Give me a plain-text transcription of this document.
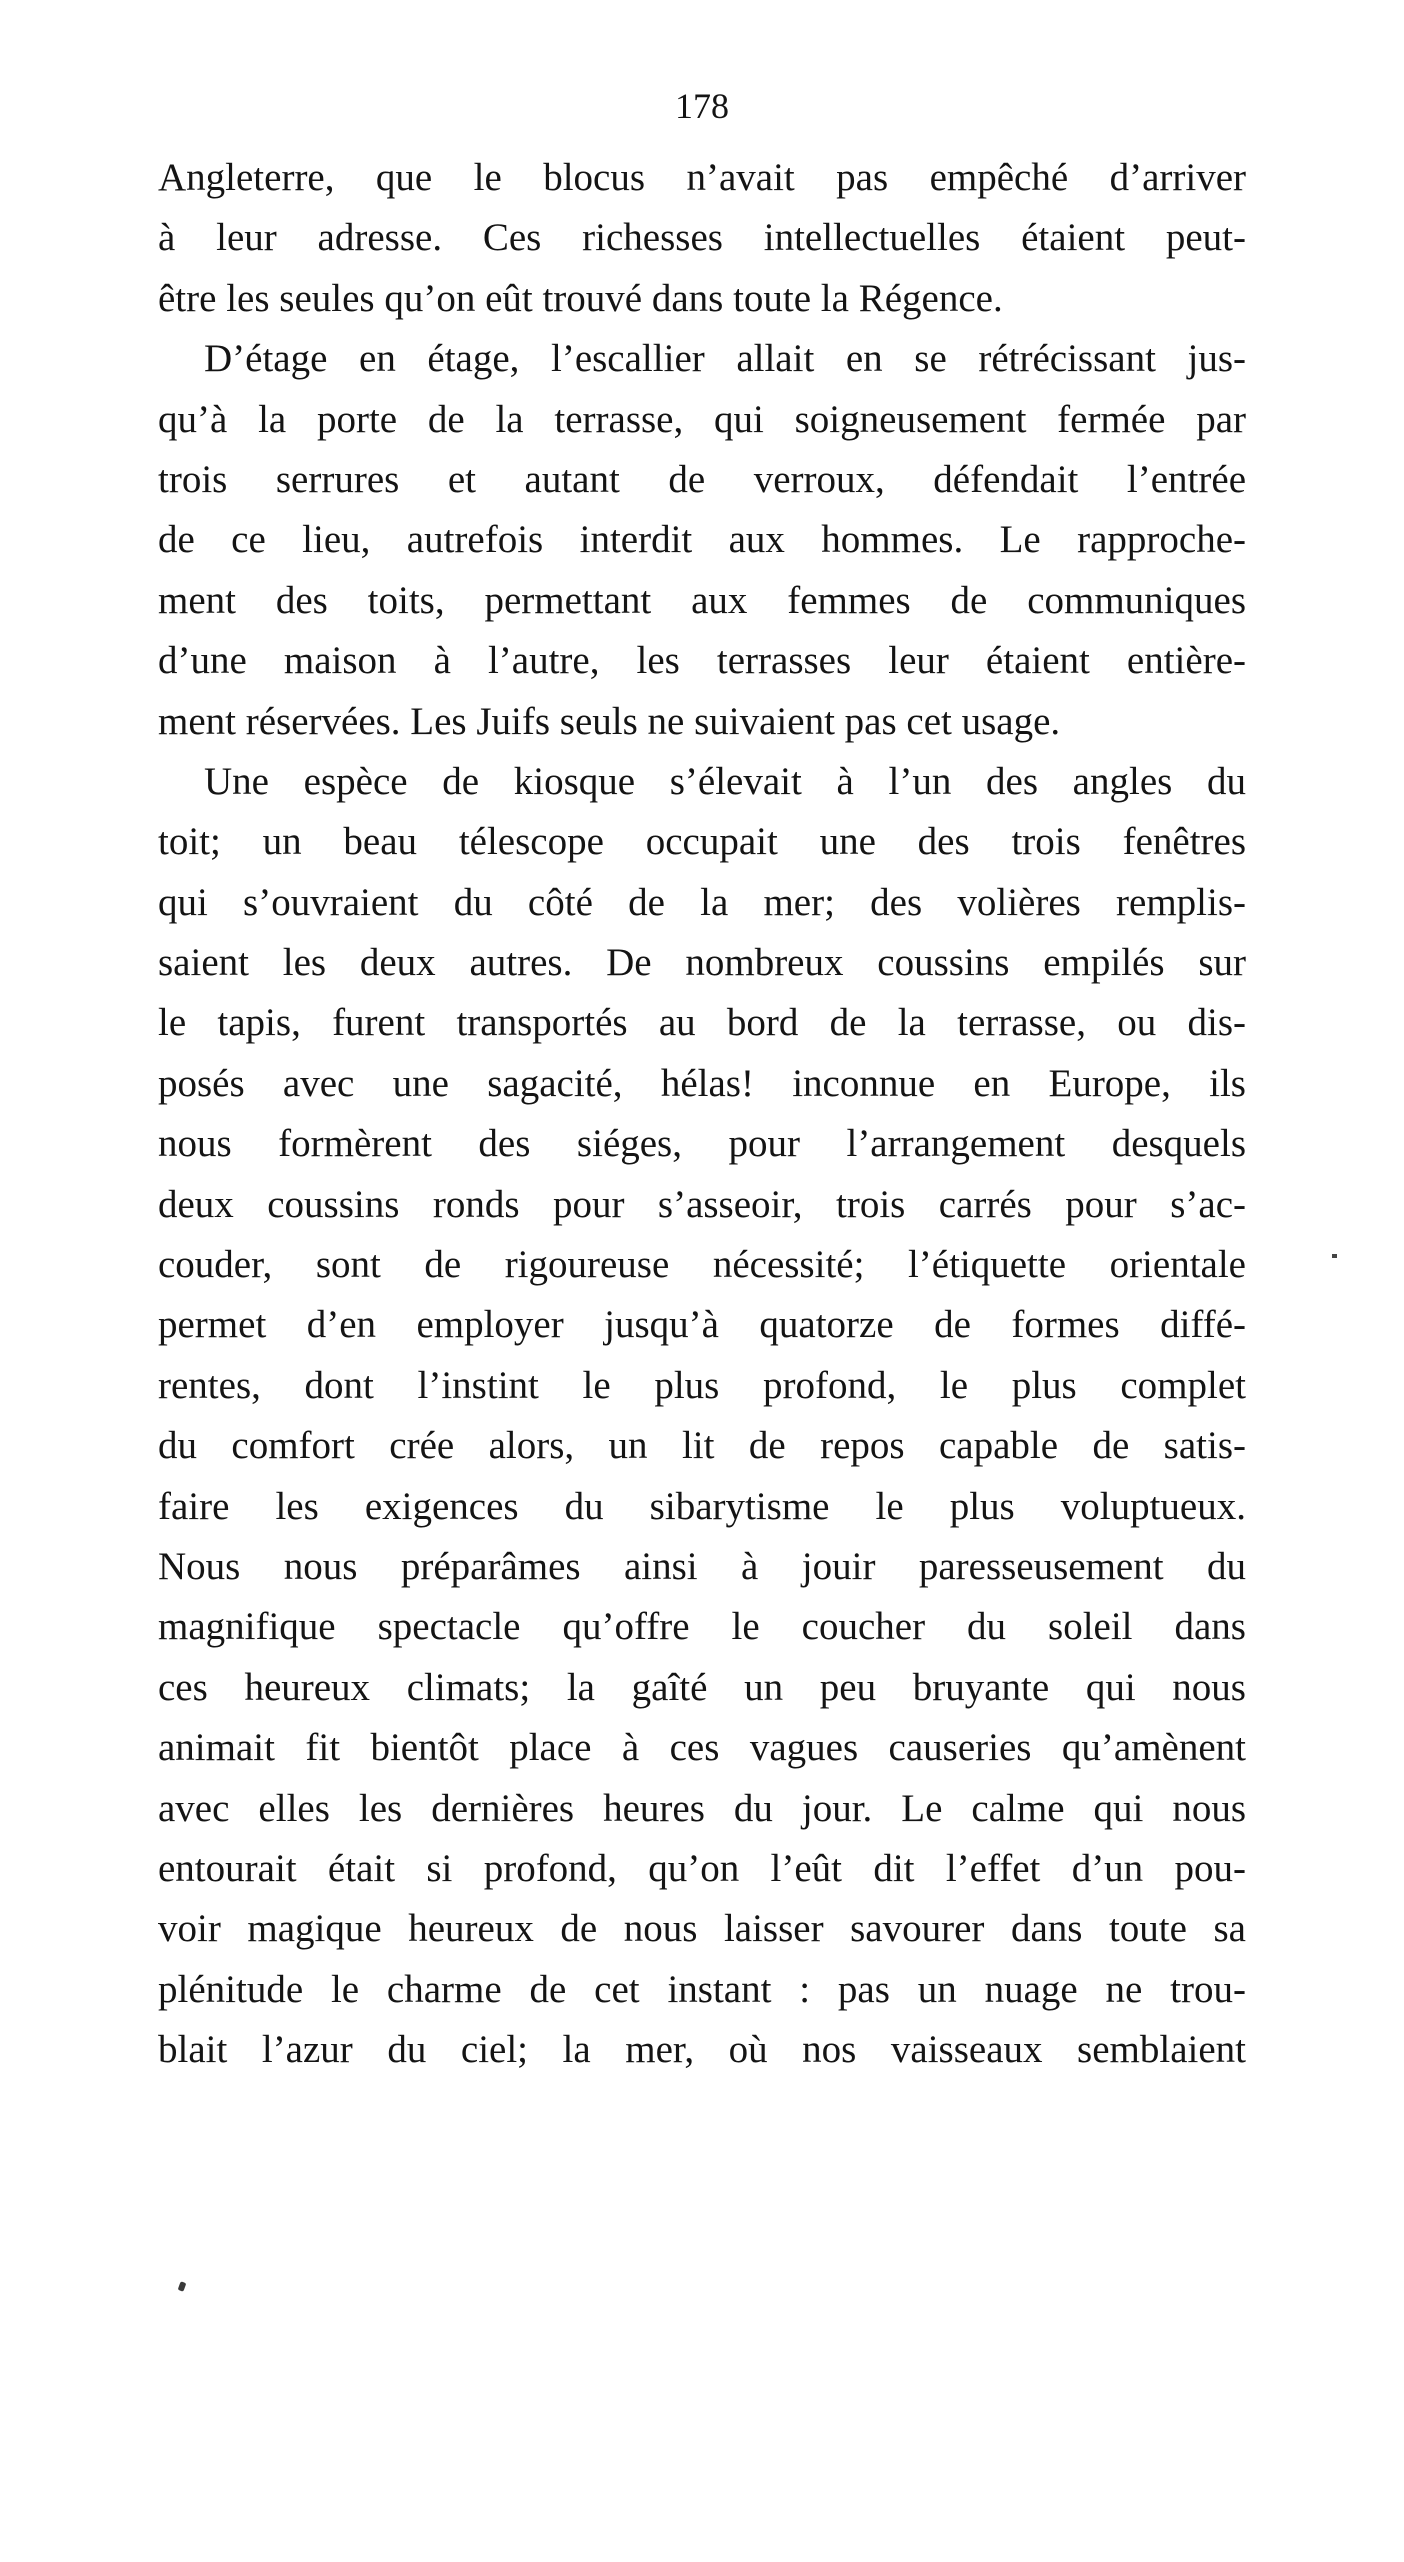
178
Angleterre, que le blocus n’avait pas empêché d’arriver
à leur adresse. Ces richesses intellectuelles étaient peut-
être les seules qu’on eût trouvé dans toute la Régence.
D’étage en étage, l’escallier allait en se rétrécissant jus-
qu’à la porte de la terrasse, qui soigneusement fermée par
trois serrures et autant de verroux, défendait l’entrée
de ce lieu, autrefois interdit aux hommes. Le rapproche-
ment des toits, permettant aux femmes de communiques
d’une maison à l’autre, les terrasses leur étaient entière-
ment réservées. Les Juifs seuls ne suivaient pas cet usage.
Une espèce de kiosque s’élevait à l’un des angles du
toit; un beau télescope occupait une des trois fenêtres
qui s’ouvraient du côté de la mer; des volières remplis-
saient les deux autres. De nombreux coussins empilés sur
le tapis, furent transportés au bord de la terrasse, ou dis-
posés avec une sagacité, hélas! inconnue en Europe, ils
nous formèrent des siéges, pour l’arrangement desquels
deux coussins ronds pour s’asseoir, trois carrés pour s’ac-
couder, sont de rigoureuse nécessité; l’étiquette orientale
permet d’en employer jusqu’à quatorze de formes diffé-
rentes, dont l’instint le plus profond, le plus complet
du comfort crée alors, un lit de repos capable de satis-
faire les exigences du sibarytisme le plus voluptueux.
Nous nous préparâmes ainsi à jouir paresseusement du
magnifique spectacle qu’offre le coucher du soleil dans
ces heureux climats; la gaîté un peu bruyante qui nous
animait fit bientôt place à ces vagues causeries qu’amènent
avec elles les dernières heures du jour. Le calme qui nous
entourait était si profond, qu’on l’eût dit l’effet d’un pou-
voir magique heureux de nous laisser savourer dans toute sa
plénitude le charme de cet instant : pas un nuage ne trou-
blait l’azur du ciel; la mer, où nos vaisseaux semblaient
